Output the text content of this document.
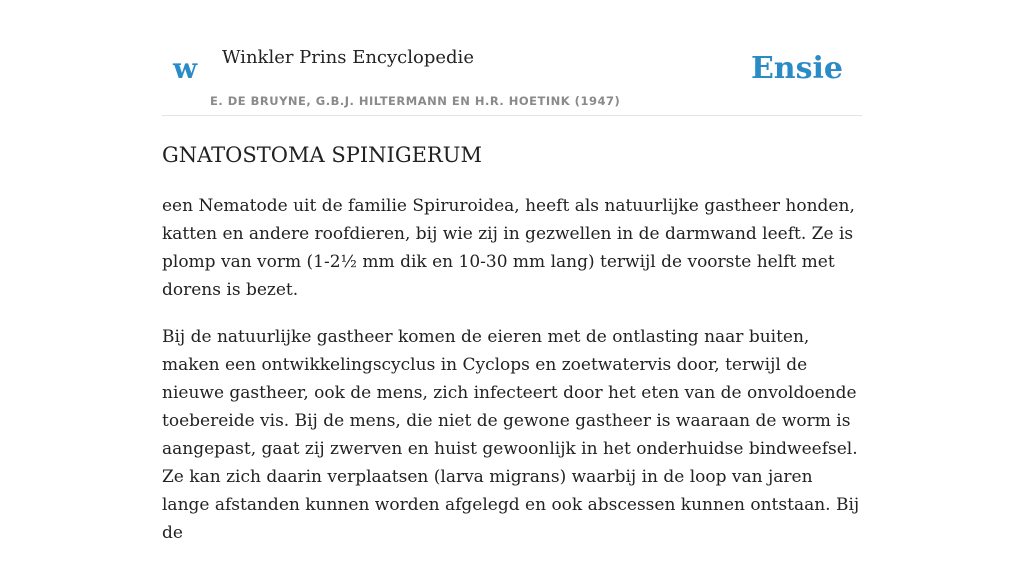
w Winkler Prins Encyclopedie
E. DE BRUYNE, G.B.J. HILTERMANN EN H.R. HOETINK (1947)
Ensie
GNATOSTOMA SPINIGERUM

een Nematode uit de familie Spiruroidea, heeft als natuurlijke gastheer honden, katten en andere roofdieren, bij wie zij in gezwellen in de darmwand leeft. Ze is plomp van vorm (1-2½ mm dik en 10-30 mm lang) terwijl de voorste helft met dorens is bezet.

Bij de natuurlijke gastheer komen de eieren met de ontlasting naar buiten, maken een ontwikkelingscyclus in Cyclops en zoetwatervis door, terwijl de nieuwe gastheer, ook de mens, zich infecteert door het eten van de onvoldoende toebereide vis. Bij de mens, die niet de gewone gastheer is waaraan de worm is aangepast, gaat zij zwerven en huist gewoonlijk in het onderhuidse bindweefsel. Ze kan zich daarin verplaatsen (larva migrans) waarbij in de loop van jaren lange afstanden kunnen worden afgelegd en ook abscessen kunnen ontstaan. Bij de
